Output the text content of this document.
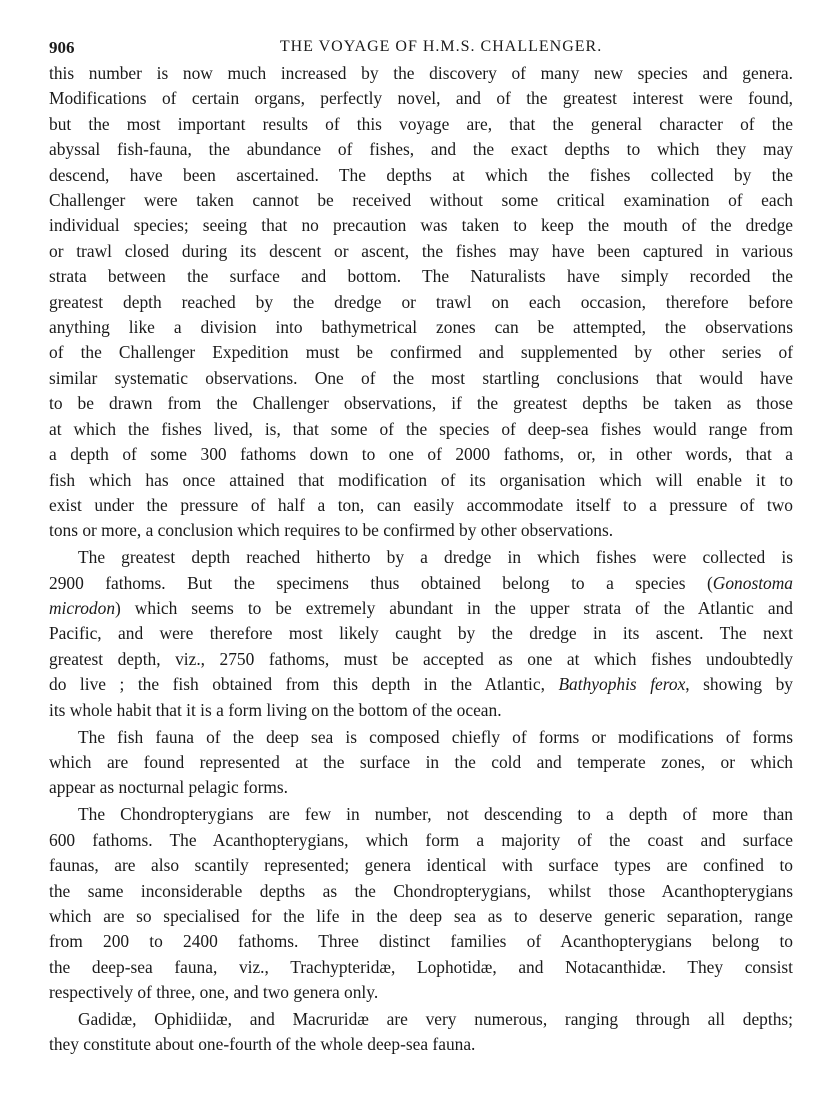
906	THE VOYAGE OF H.M.S. CHALLENGER.
this number is now much increased by the discovery of many new species and genera.
Modifications of certain organs, perfectly novel, and of the greatest interest were found,
but the most important results of this voyage are, that the general character of the
abyssal fish-fauna, the abundance of fishes, and the exact depths to which they may
descend, have been ascertained. The depths at which the fishes collected by the
Challenger were taken cannot be received without some critical examination of each
individual species; seeing that no precaution was taken to keep the mouth of the dredge
or trawl closed during its descent or ascent, the fishes may have been captured in various
strata between the surface and bottom. The Naturalists have simply recorded the
greatest depth reached by the dredge or trawl on each occasion, therefore before
anything like a division into bathymetrical zones can be attempted, the observations
of the Challenger Expedition must be confirmed and supplemented by other series of
similar systematic observations. One of the most startling conclusions that would have
to be drawn from the Challenger observations, if the greatest depths be taken as those
at which the fishes lived, is, that some of the species of deep-sea fishes would range from
a depth of some 300 fathoms down to one of 2000 fathoms, or, in other words, that a
fish which has once attained that modification of its organisation which will enable it to
exist under the pressure of half a ton, can easily accommodate itself to a pressure of two
tons or more, a conclusion which requires to be confirmed by other observations.
The greatest depth reached hitherto by a dredge in which fishes were collected is
2900 fathoms. But the specimens thus obtained belong to a species (Gonostoma
microdon) which seems to be extremely abundant in the upper strata of the Atlantic and
Pacific, and were therefore most likely caught by the dredge in its ascent. The next
greatest depth, viz., 2750 fathoms, must be accepted as one at which fishes undoubtedly
do live ; the fish obtained from this depth in the Atlantic, Bathyophis ferox, showing by
its whole habit that it is a form living on the bottom of the ocean.
The fish fauna of the deep sea is composed chiefly of forms or modifications of forms
which are found represented at the surface in the cold and temperate zones, or which
appear as nocturnal pelagic forms.
The Chondropterygians are few in number, not descending to a depth of more than
600 fathoms. The Acanthopterygians, which form a majority of the coast and surface
faunas, are also scantily represented; genera identical with surface types are confined to
the same inconsiderable depths as the Chondropterygians, whilst those Acanthopterygians
which are so specialised for the life in the deep sea as to deserve generic separation, range
from 200 to 2400 fathoms. Three distinct families of Acanthopterygians belong to
the deep-sea fauna, viz., Trachypteridæ, Lophotidæ, and Notacanthidæ. They consist
respectively of three, one, and two genera only.
Gadidæ, Ophidiidæ, and Macruridæ are very numerous, ranging through all depths;
they constitute about one-fourth of the whole deep-sea fauna.
